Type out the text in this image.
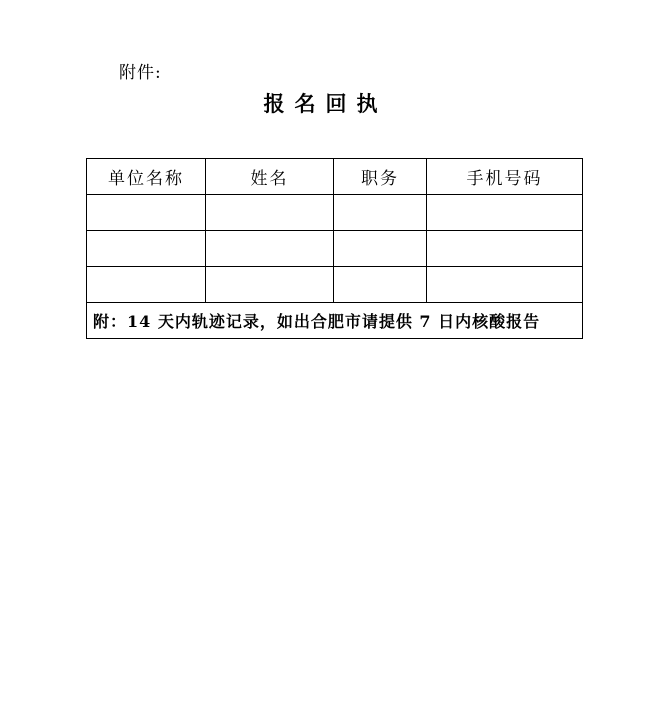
附件:
报名回执
单位名称	姓名	职务	手机号码

附：14 天内轨迹记录，如出合肥市请提供 7 日内核酸报告			
